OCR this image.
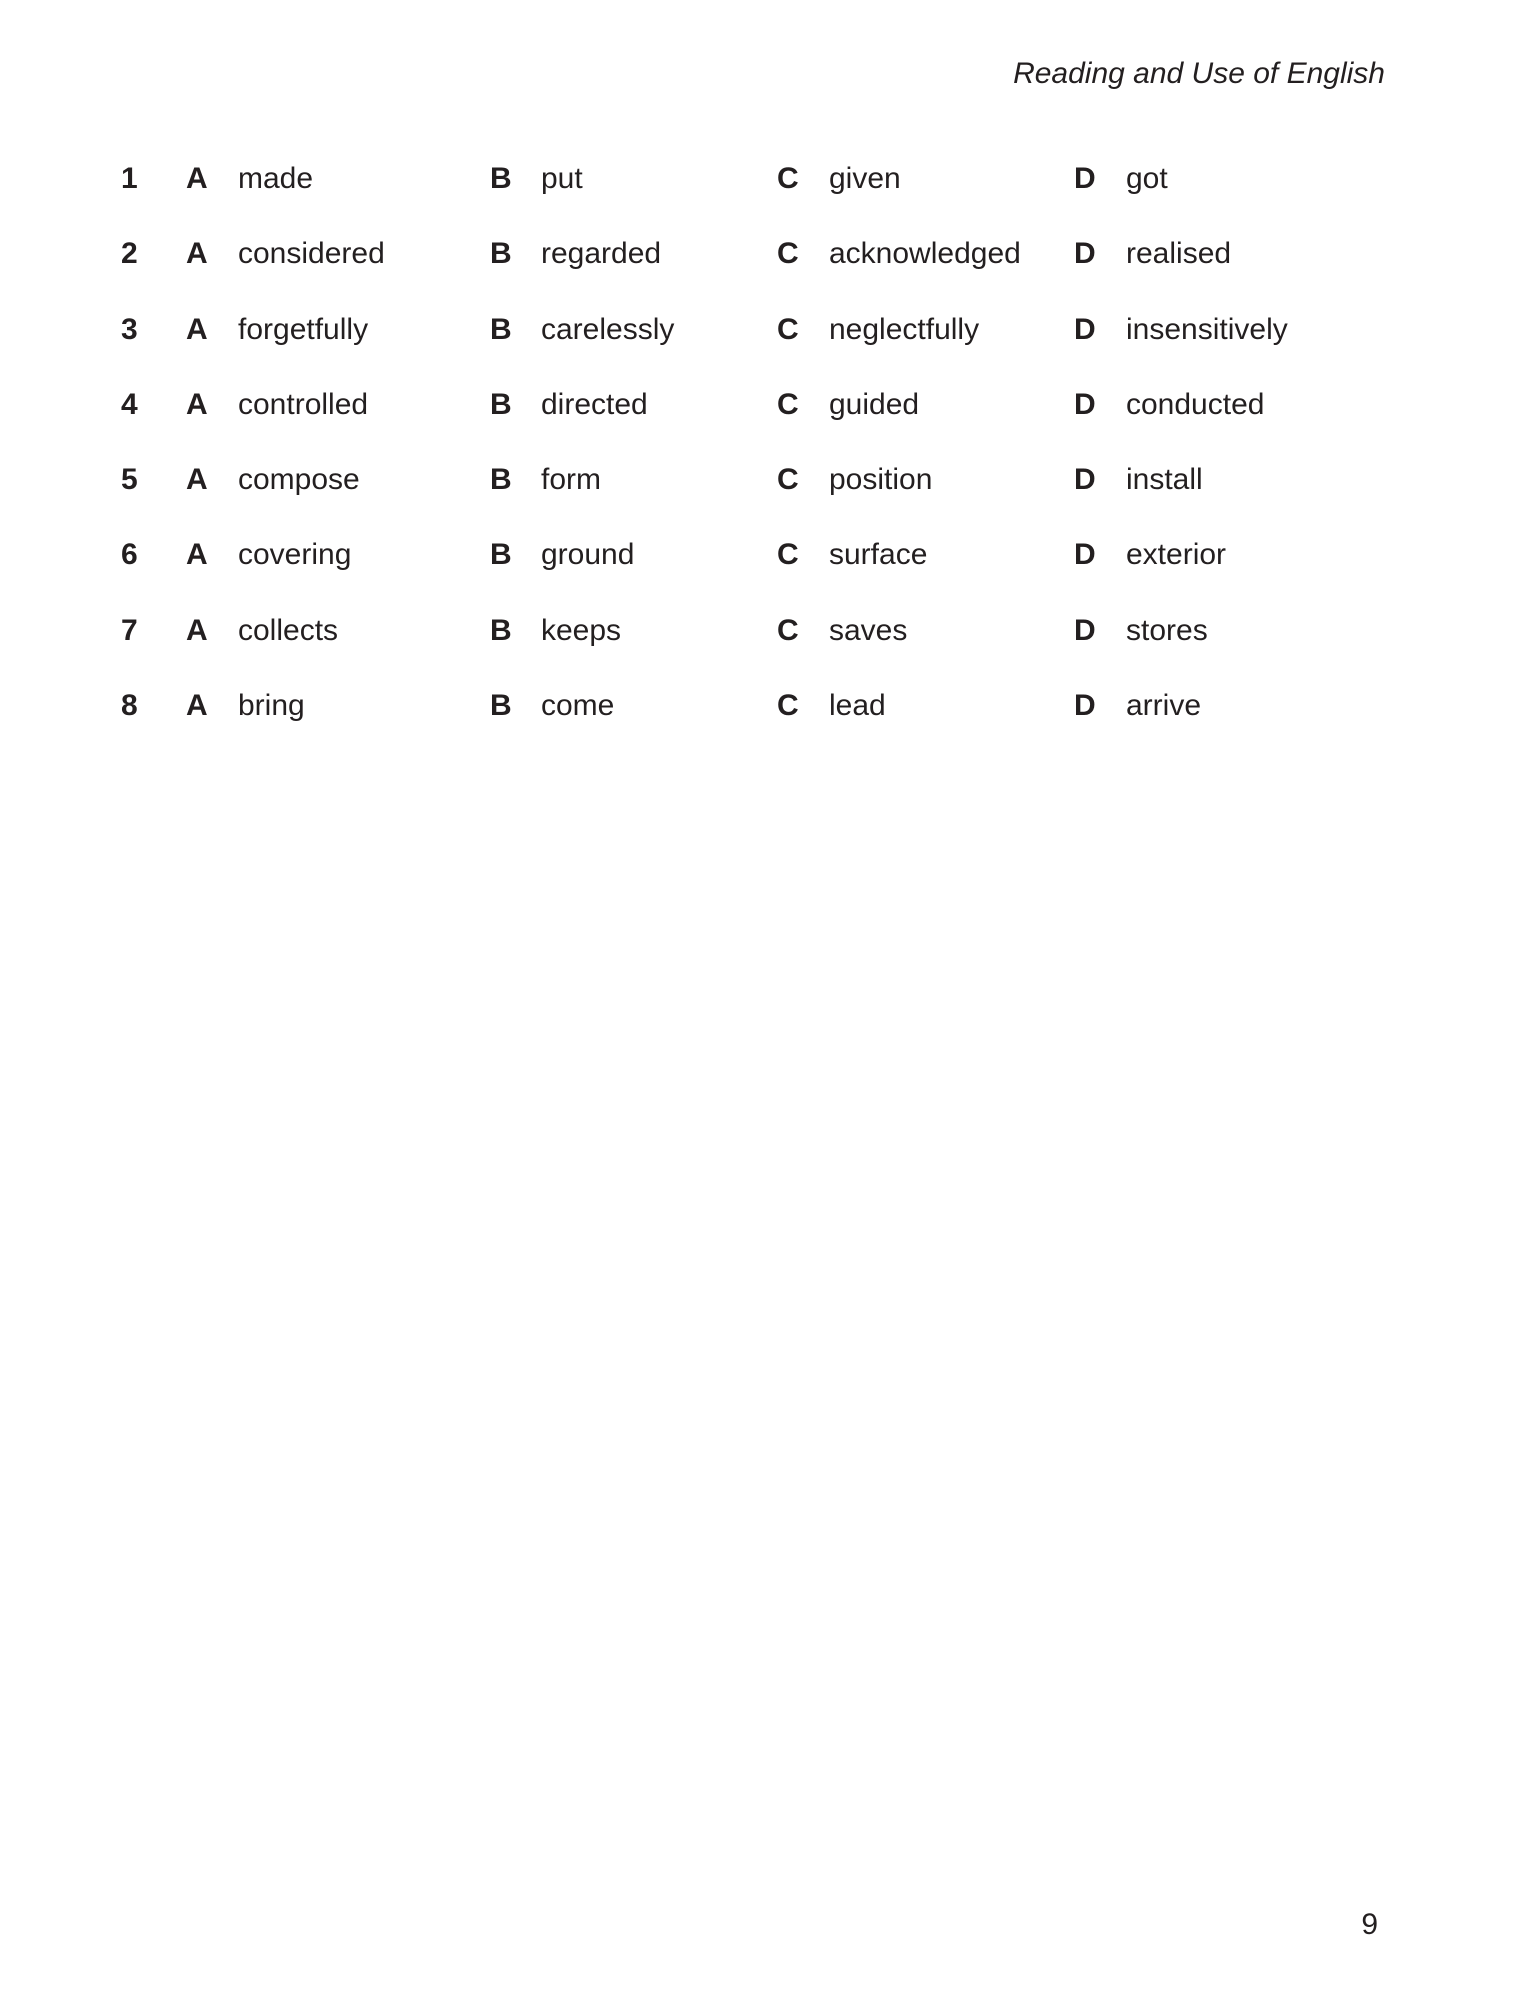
Reading and Use of English
1 A made	B put	C given	D got
2 A considered	B regarded	C acknowledged D realised
3 A forgetfully	B carelessly	C neglectfully	D insensitively
4 A controlled	B directed	C guided	D conducted
5 A compose	B form	C position	D install
6 A covering	B ground	C surface	D exterior
7 A collects	B keeps	C saves	D stores
8 A bring	B come	C lead	D arrive
9
